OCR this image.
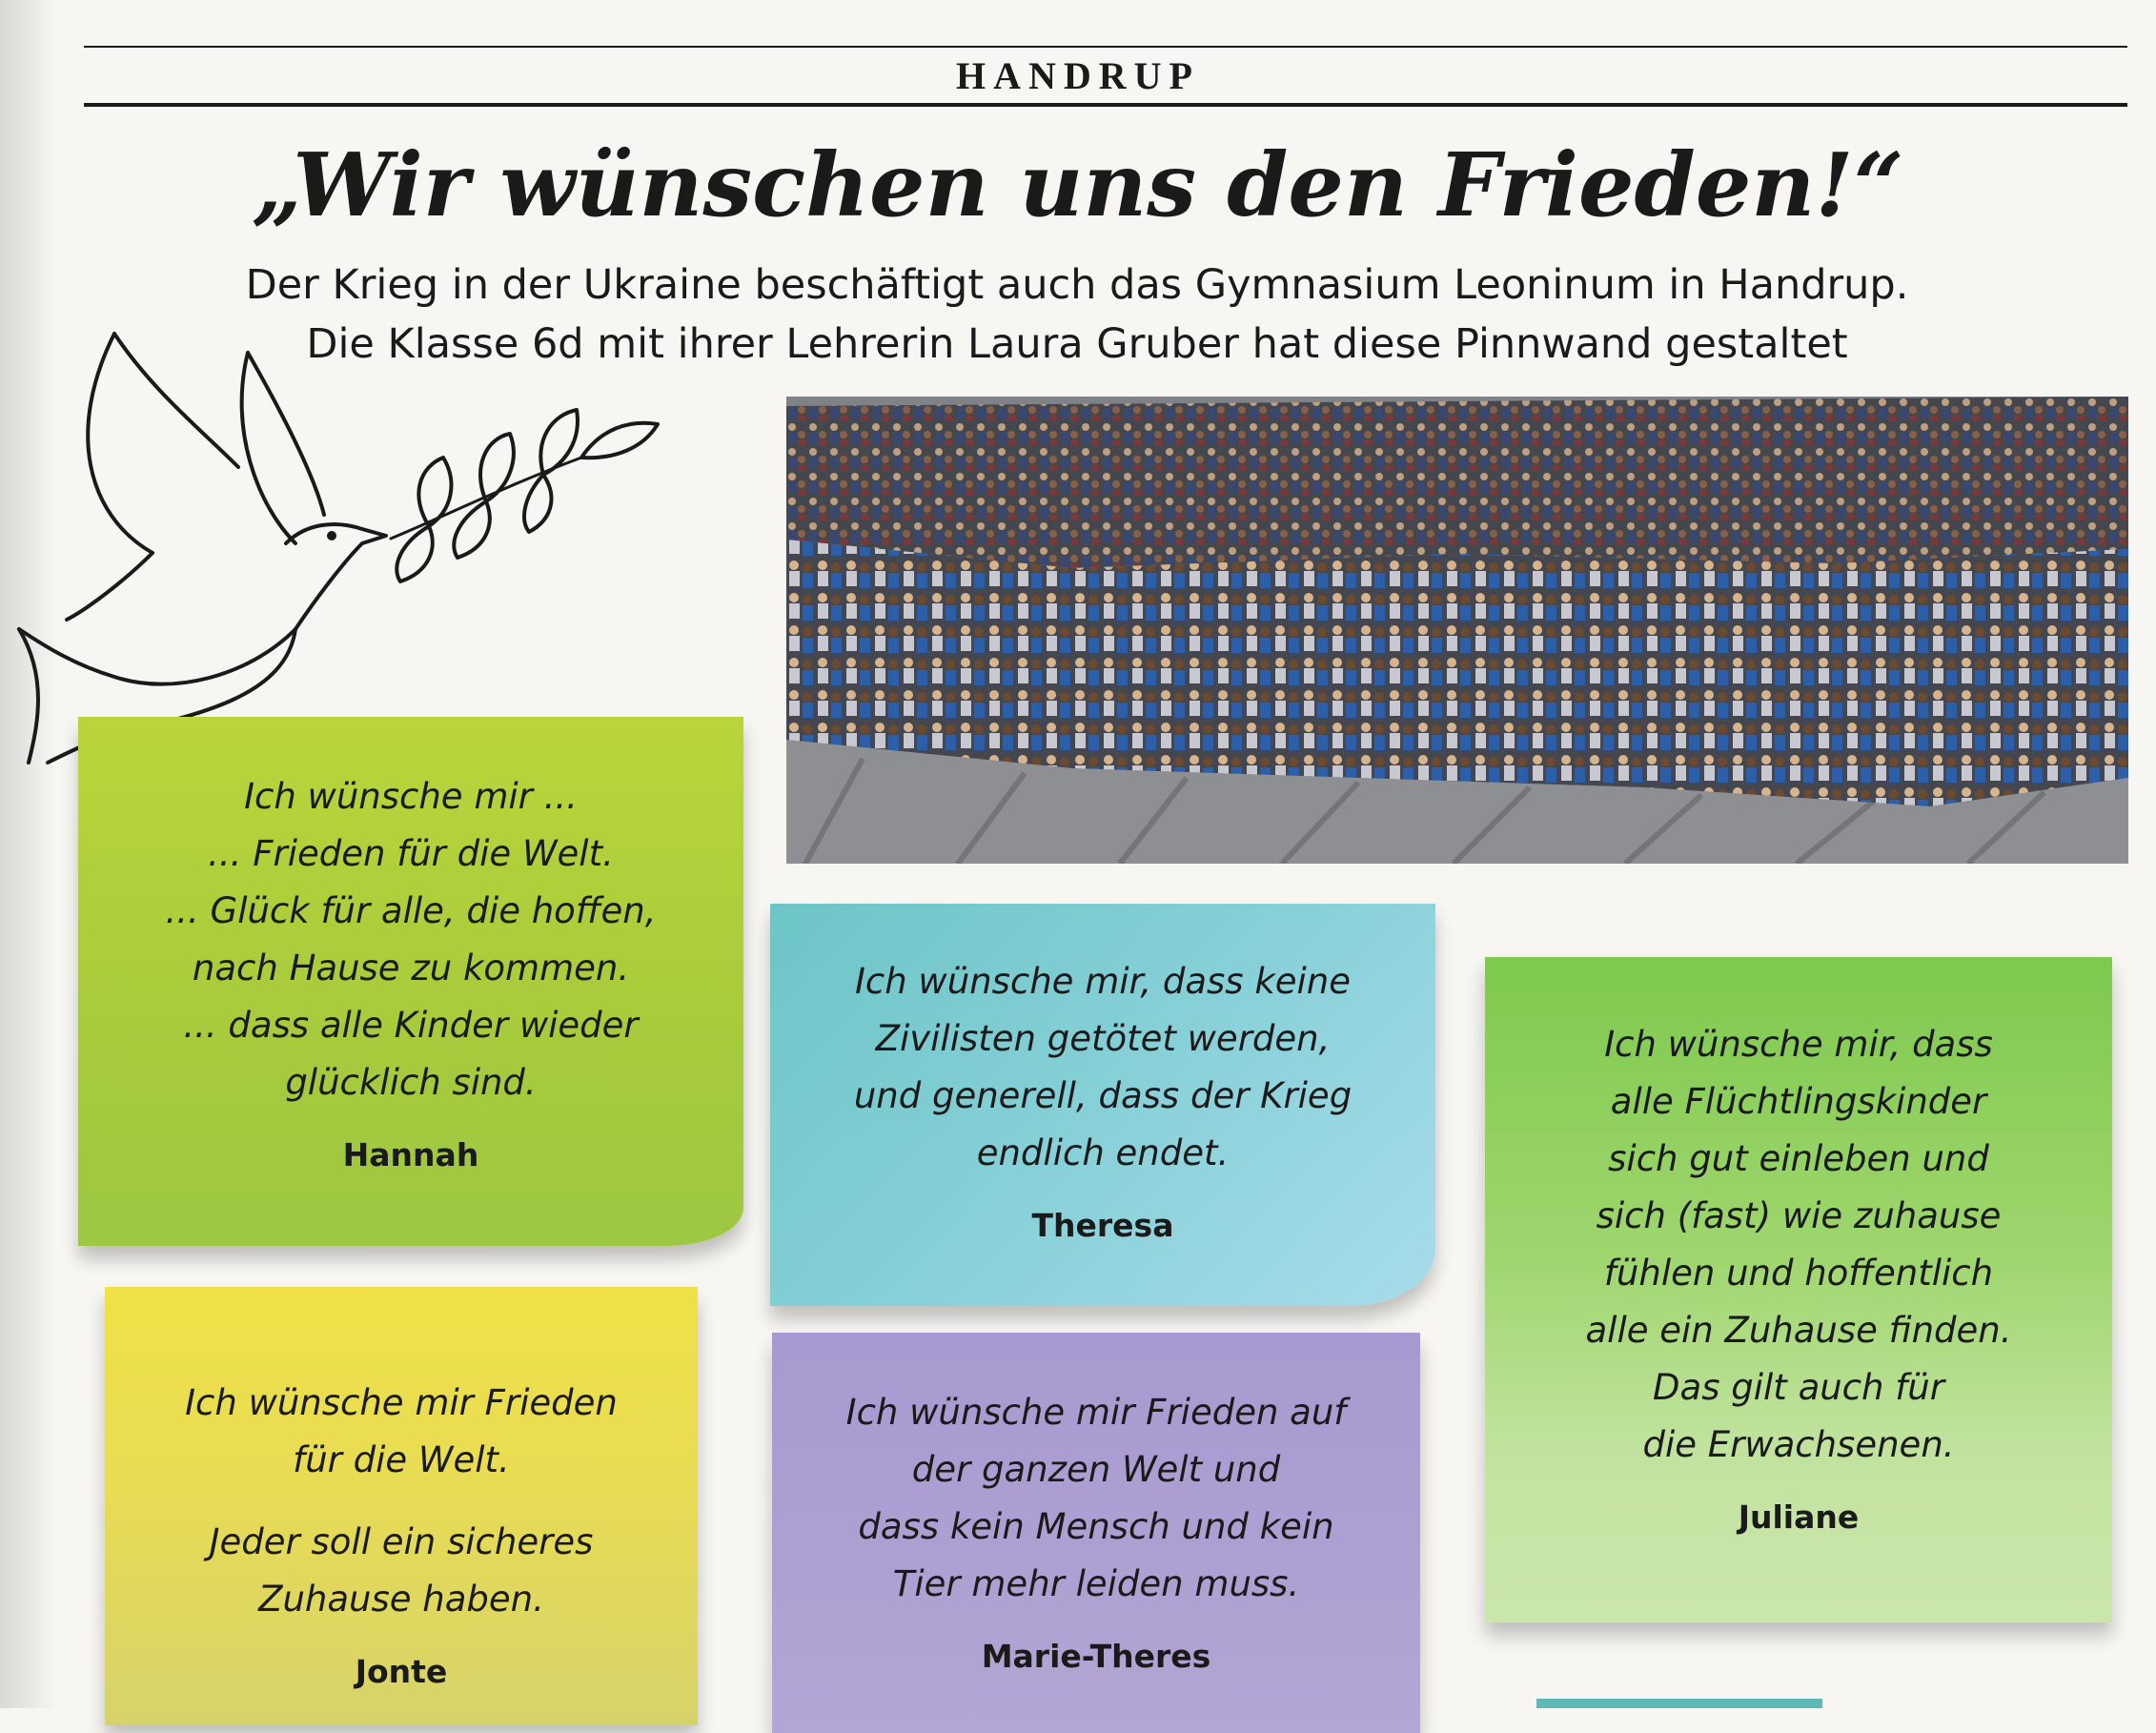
HANDRUP
„Wir wünschen uns den Frieden!“
Der Krieg in der Ukraine beschäftigt auch das Gymnasium Leoninum in Handrup.
Die Klasse 6d mit ihrer Lehrerin Laura Gruber hat diese Pinnwand gestaltet
Ich wünsche mir ...
... Frieden für die Welt.
... Glück für alle, die hoffen,
nach Hause zu kommen.
... dass alle Kinder wieder
glücklich sind.
Hannah
Ich wünsche mir, dass keine
Zivilisten getötet werden,
und generell, dass der Krieg
endlich endet.
Theresa
Ich wünsche mir, dass
alle Flüchtlingskinder
sich gut einleben und
sich (fast) wie zuhause
fühlen und hoffentlich
alle ein Zuhause finden.
Das gilt auch für
die Erwachsenen.
Juliane

Ich wünsche mir Frieden
für die Welt.

Jeder soll ein sicheres
Zuhause haben.

Jonte
Ich wünsche mir Frieden auf
der ganzen Welt und
dass kein Mensch und kein
Tier mehr leiden muss.
Marie-Theres
